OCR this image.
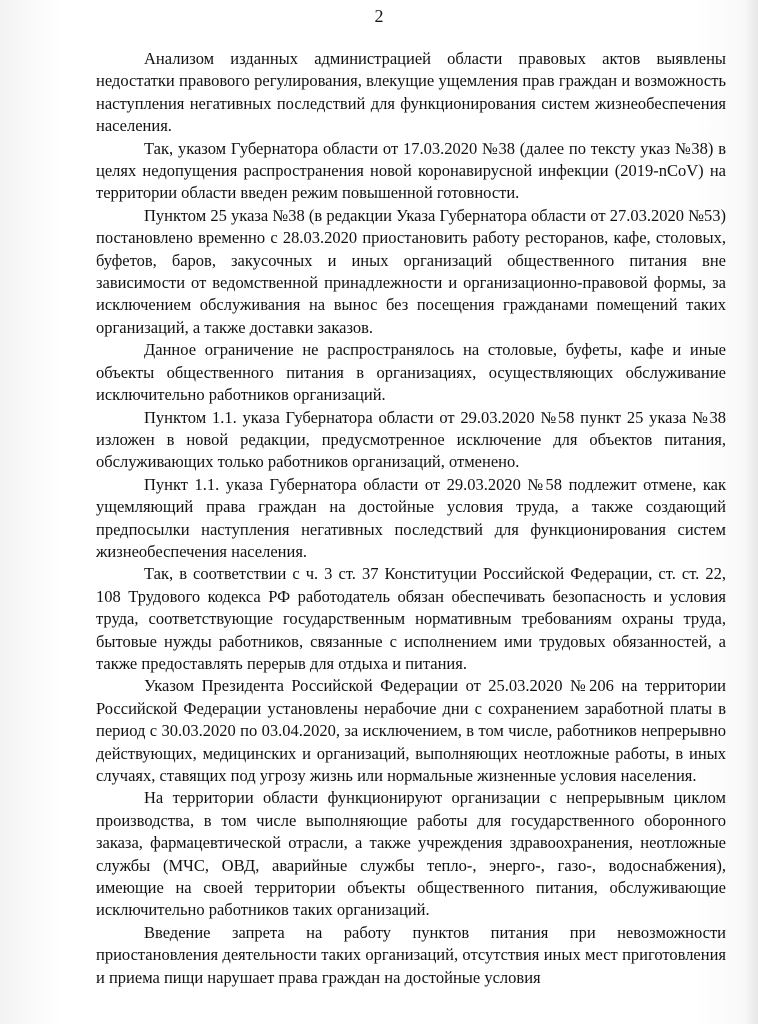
2

Анализом изданных администрацией области правовых актов выявлены недостатки правового регулирования, влекущие ущемления прав граждан и возможность наступления негативных последствий для функционирования систем жизнеобеспечения населения.

Так, указом Губернатора области от 17.03.2020 №38 (далее по тексту указ №38) в целях недопущения распространения новой коронавирусной инфекции (2019-nCoV) на территории области введен режим повышенной готовности.

Пунктом 25 указа №38 (в редакции Указа Губернатора области от 27.03.2020 №53) постановлено временно с 28.03.2020 приостановить работу ресторанов, кафе, столовых, буфетов, баров, закусочных и иных организаций общественного питания вне зависимости от ведомственной принадлежности и организационно-правовой формы, за исключением обслуживания на вынос без посещения гражданами помещений таких организаций, а также доставки заказов.

Данное ограничение не распространялось на столовые, буфеты, кафе и иные объекты общественного питания в организациях, осуществляющих обслуживание исключительно работников организаций.

Пунктом 1.1. указа Губернатора области от 29.03.2020 №58 пункт 25 указа №38 изложен в новой редакции, предусмотренное исключение для объектов питания, обслуживающих только работников организаций, отменено.

Пункт 1.1. указа Губернатора области от 29.03.2020 №58 подлежит отмене, как ущемляющий права граждан на достойные условия труда, а также создающий предпосылки наступления негативных последствий для функционирования систем жизнеобеспечения населения.

Так, в соответствии с ч. 3 ст. 37 Конституции Российской Федерации, ст. ст. 22, 108 Трудового кодекса РФ работодатель обязан обеспечивать безопасность и условия труда, соответствующие государственным нормативным требованиям охраны труда, бытовые нужды работников, связанные с исполнением ими трудовых обязанностей, а также предоставлять перерыв для отдыха и питания.

Указом Президента Российской Федерации от 25.03.2020 №206 на территории Российской Федерации установлены нерабочие дни с сохранением заработной платы в период с 30.03.2020 по 03.04.2020, за исключением, в том числе, работников непрерывно действующих, медицинских и организаций, выполняющих неотложные работы, в иных случаях, ставящих под угрозу жизнь или нормальные жизненные условия населения.

На территории области функционируют организации с непрерывным циклом производства, в том числе выполняющие работы для государственного оборонного заказа, фармацевтической отрасли, а также учреждения здравоохранения, неотложные службы (МЧС, ОВД, аварийные службы тепло-, энерго-, газо-, водоснабжения), имеющие на своей территории объекты общественного питания, обслуживающие исключительно работников таких организаций.

Введение запрета на работу пунктов питания при невозможности приостановления деятельности таких организаций, отсутствия иных мест приготовления и приема пищи нарушает права граждан на достойные условия
